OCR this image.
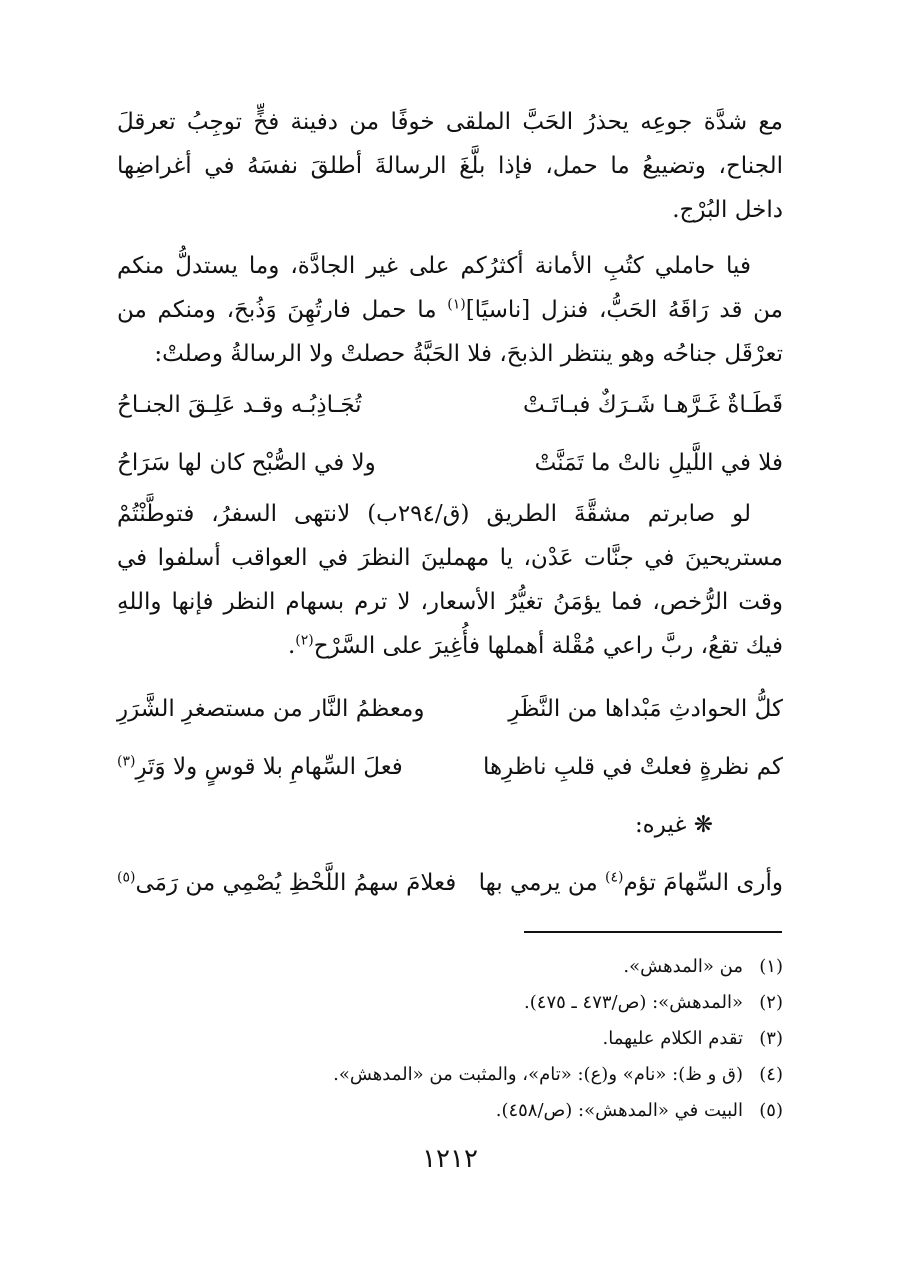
مع شدَّة جوعِه يحذرُ الحَبَّ الملقى خوفًا من دفينة فخٍّ توجِبُ تعرقلَ الجناح، وتضييعُ ما حمل، فإذا بلَّغَ الرسالةَ أطلقَ نفسَهُ في أغراضِها داخل البُرْج.

فيا حاملي كتُبِ الأمانة أكثرُكم على غير الجادَّة، وما يستدلُّ منكم من قد رَاقَهُ الحَبُّ، فنزل [ناسيًا]$^{(١)}$ ما حمل فارتُهِنَ وَذُبحَ، ومنكم من تعرْقَل جناحُه وهو ينتظر الذبحَ، فلا الحَبَّةُ حصلتْ ولا الرسالةُ وصلتْ:

قَطَـاةٌ غَـرَّهـا شَـرَكٌ فبـاتَـتْ
تُجَـاذِبُـه وقـد عَلِـقَ الجنـاحُ
فلا في اللَّيلِ نالتْ ما تَمَنَّتْ
ولا في الصُّبْح كان لها سَرَاحُ

لو صابرتم مشقَّةَ الطريق (ق/٢٩٤ب) لانتهى السفرُ، فتوطَّنْتُمْ مستريحينَ في جنَّات عَدْن، يا مهملينَ النظرَ في العواقب أسلفوا في وقت الرُّخص، فما يؤمَنُ تغيُّرُ الأسعار، لا ترم بسهام النظر فإنها واللهِ فيك تقعُ، ربَّ راعي مُقْلة أهملها فأُغِيرَ على السَّرْح$^{(٢)}$.

كلُّ الحوادثِ مَبْداها من النَّظَرِ
ومعظمُ النَّار من مستصغرِ الشَّرَرِ
كم نظرةٍ فعلتْ في قلبِ ناظرِها
فعلَ السِّهامِ بلا قوسٍ ولا وَتَرِ$^{(٣)}$
❋ غيره:
وأرى السِّهامَ تؤم$^{(٤)}$ من يرمي بها
فعلامَ سهمُ اللَّحْظِ يُصْمِي من رَمَى$^{(٥)}$
(١)من «المدهش».
(٢)«المدهش»: (ص/٤٧٣ ـ ٤٧٥).
(٣)تقدم الكلام عليهما.
(٤)(ق و ظ): «نام» و(ع): «تام»، والمثبت من «المدهش».
(٥)البيت في «المدهش»: (ص/٤٥٨).
١٢١٢
